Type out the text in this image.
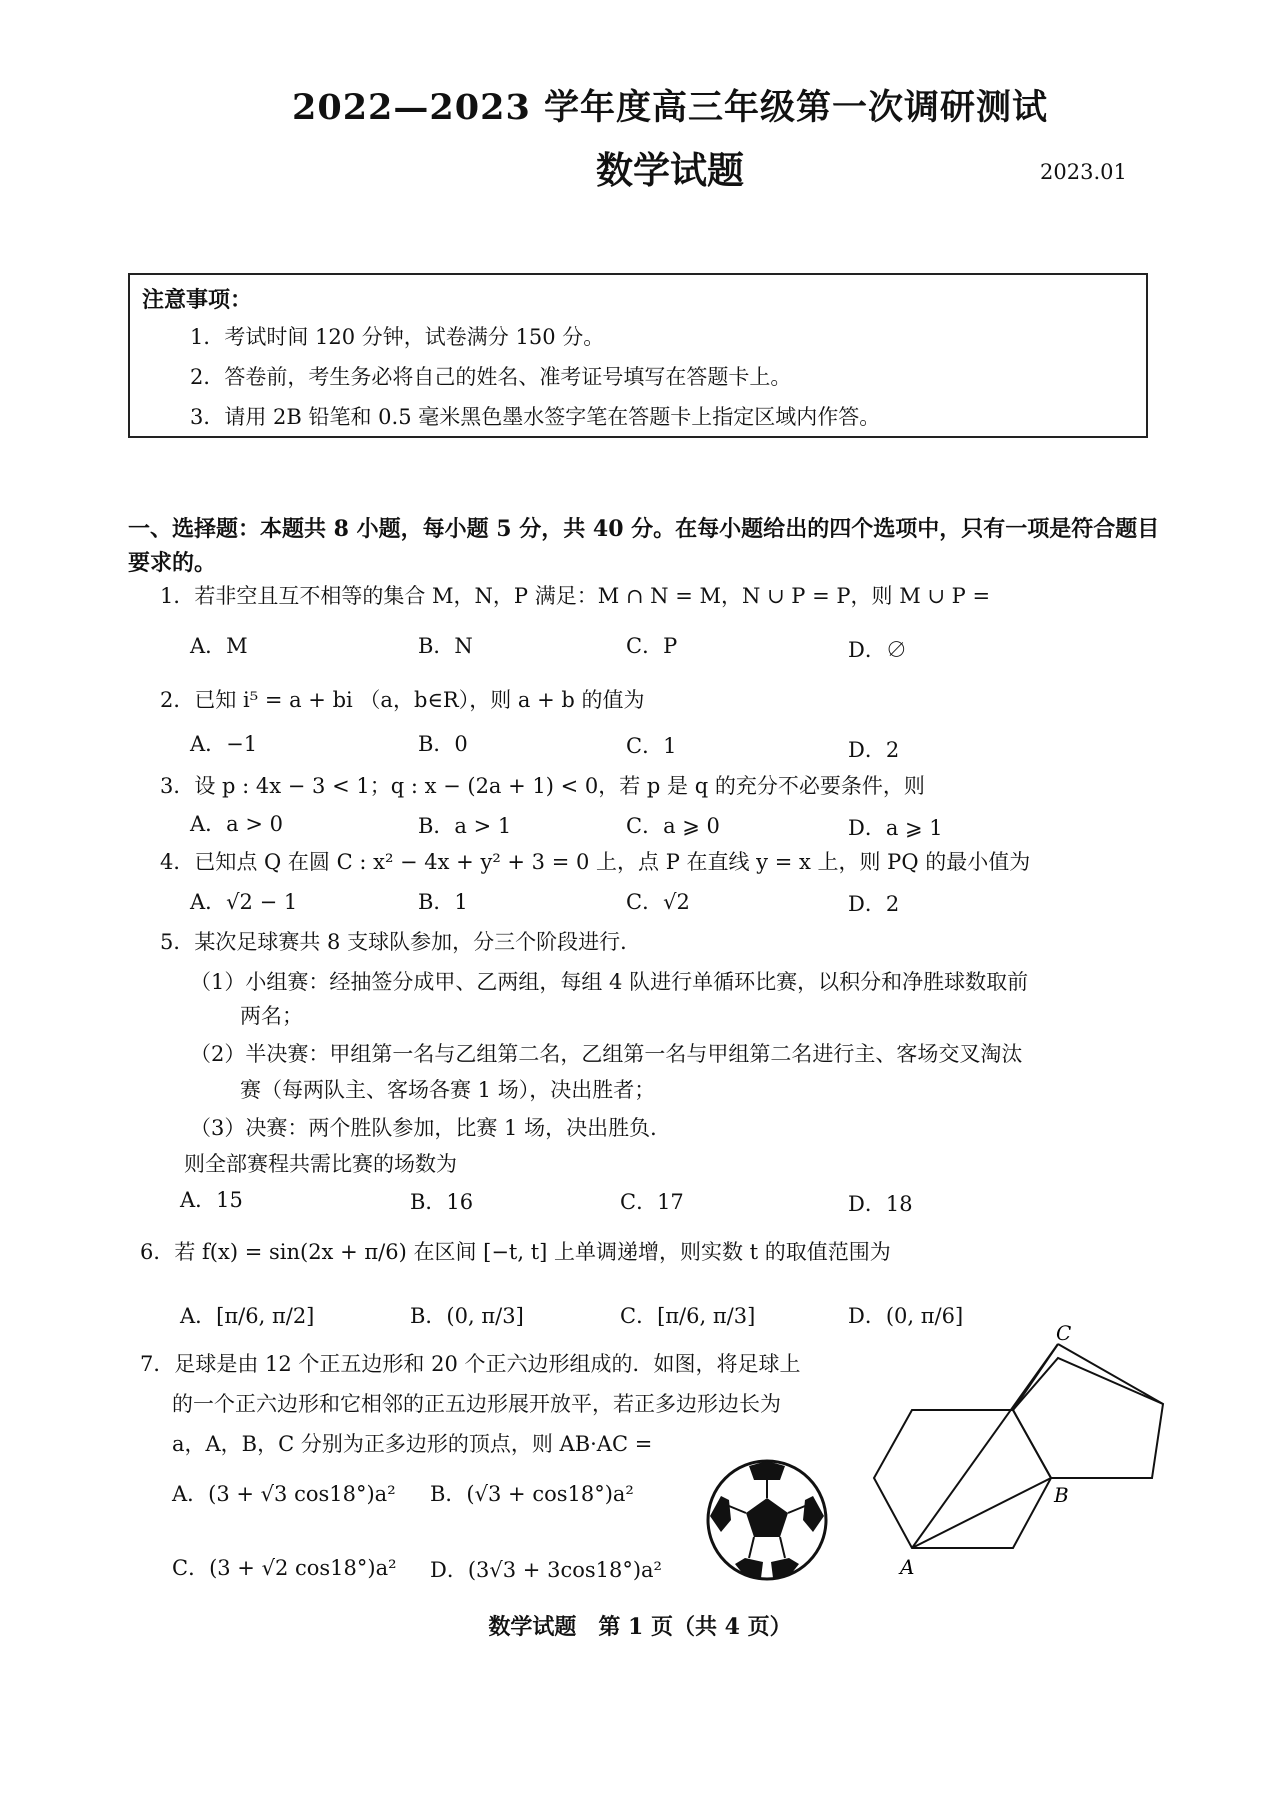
2022—2023 学年度高三年级第一次调研测试
数学试题	2023.01
注意事项：
1．考试时间 120 分钟，试卷满分 150 分。
2．答卷前，考生务必将自己的姓名、准考证号填写在答题卡上。
3．请用 2B 铅笔和 0.5 毫米黑色墨水签字笔在答题卡上指定区域内作答。
一、选择题：本题共 8 小题，每小题 5 分，共 40 分。在每小题给出的四个选项中，只有一项是符合题目要求的。
1．若非空且互不相等的集合 M，N，P 满足：M ∩ N = M，N ∪ P = P，则 M ∪ P =
A．M	B．N	C．P	D．∅
2．已知 i⁵ = a + bi （a，b∈R），则 a + b 的值为
A．−1	B．0	C．1	D．2
3．设 p : 4x − 3 < 1；q : x − (2a + 1) < 0，若 p 是 q 的充分不必要条件，则
A．a > 0	B．a > 1	C．a ⩾ 0	D．a ⩾ 1
4．已知点 Q 在圆 C : x² − 4x + y² + 3 = 0 上，点 P 在直线 y = x 上，则 PQ 的最小值为
A．√2 − 1	B．1	C．√2	D．2
5．某次足球赛共 8 支球队参加，分三个阶段进行．
（1）小组赛：经抽签分成甲、乙两组，每组 4 队进行单循环比赛，以积分和净胜球数取前
两名；
（2）半决赛：甲组第一名与乙组第二名，乙组第一名与甲组第二名进行主、客场交叉淘汰
赛（每两队主、客场各赛 1 场），决出胜者；
（3）决赛：两个胜队参加，比赛 1 场，决出胜负．
则全部赛程共需比赛的场数为
A．15	B．16	C．17	D．18
6．若 f(x) = sin(2x + π/6) 在区间 [−t, t] 上单调递增，则实数 t 的取值范围为
A．[π/6, π/2]	B．(0, π/3]	C．[π/6, π/3]	D．(0, π/6]
7．足球是由 12 个正五边形和 20 个正六边形组成的．如图，将足球上
的一个正六边形和它相邻的正五边形展开放平，若正多边形边长为
a，A，B，C 分别为正多边形的顶点，则 AB·AC =
A．(3 + √3 cos18°)a² B．(√3 + cos18°)a²
C．(3 + √2 cos18°)a² D．(3√3 + 3cos18°)a²	A
B
C
数学试题　第 1 页（共 4 页）
